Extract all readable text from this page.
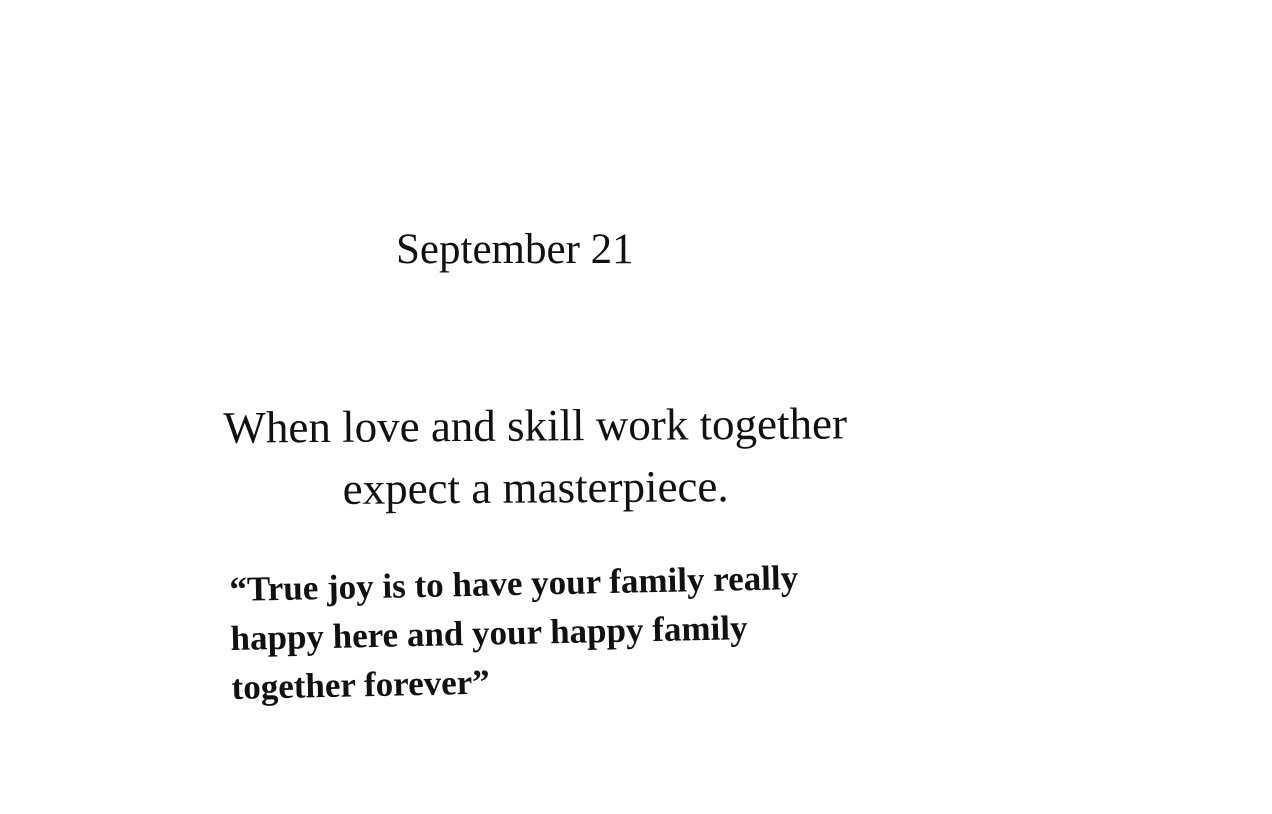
September 21
When love and skill work together
expect a masterpiece.
“True joy is to have your family really
happy here and your happy family
together forever”
